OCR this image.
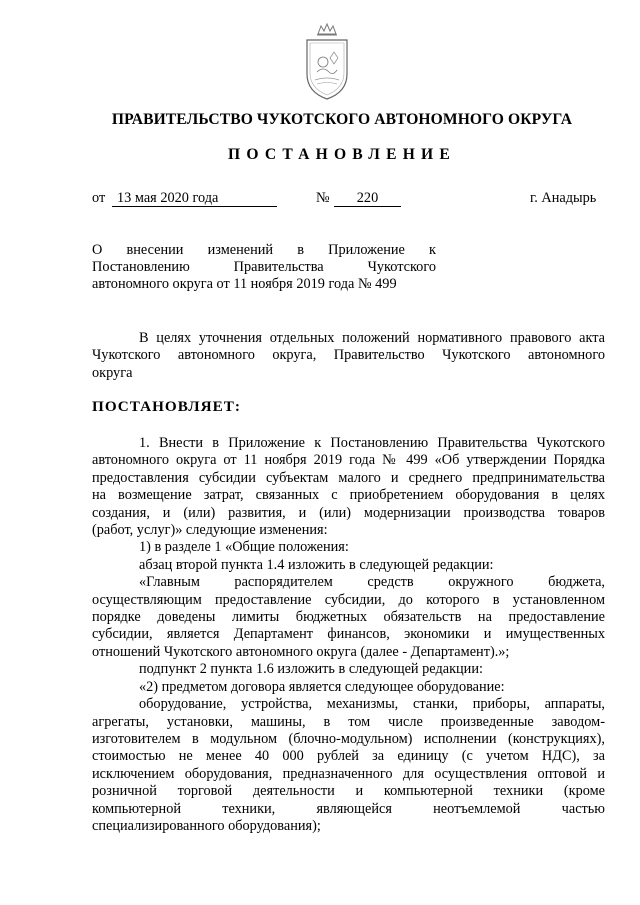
ПРАВИТЕЛЬСТВО ЧУКОТСКОГО АВТОНОМНОГО ОКРУГА
ПОСТАНОВЛЕНИЕ
от 13 мая 2020 года	№	220	г. Анадырь
О внесении изменений в Приложение к
Постановлению Правительства Чукотского
автономного округа от 11 ноября 2019 года № 499

В целях уточнения отдельных положений нормативного правового акта

Чукотского автономного округа, Правительство Чукотского автономного

округа

ПОСТАНОВЛЯЕТ:

1. Внести в Приложение к Постановлению Правительства Чукотского

автономного округа от 11 ноября 2019 года № 499 «Об утверждении Порядка

предоставления субсидии субъектам малого и среднего предпринимательства

на возмещение затрат, связанных с приобретением оборудования в целях

создания, и (или) развития, и (или) модернизации производства товаров

(работ, услуг)» следующие изменения:

1) в разделе 1 «Общие положения:

абзац второй пункта 1.4 изложить в следующей редакции:

«Главным распорядителем средств окружного бюджета,

осуществляющим предоставление субсидии, до которого в установленном

порядке доведены лимиты бюджетных обязательств на предоставление

субсидии, является Департамент финансов, экономики и имущественных

отношений Чукотского автономного округа (далее - Департамент).»;

подпункт 2 пункта 1.6 изложить в следующей редакции:

«2) предметом договора является следующее оборудование:

оборудование, устройства, механизмы, станки, приборы, аппараты,

агрегаты, установки, машины, в том числе произведенные заводом-

изготовителем в модульном (блочно-модульном) исполнении (конструкциях),

стоимостью не менее 40 000 рублей за единицу (с учетом НДС), за

исключением оборудования, предназначенного для осуществления оптовой и

розничной торговой деятельности и компьютерной техники (кроме

компьютерной техники, являющейся неотъемлемой частью

специализированного оборудования);
